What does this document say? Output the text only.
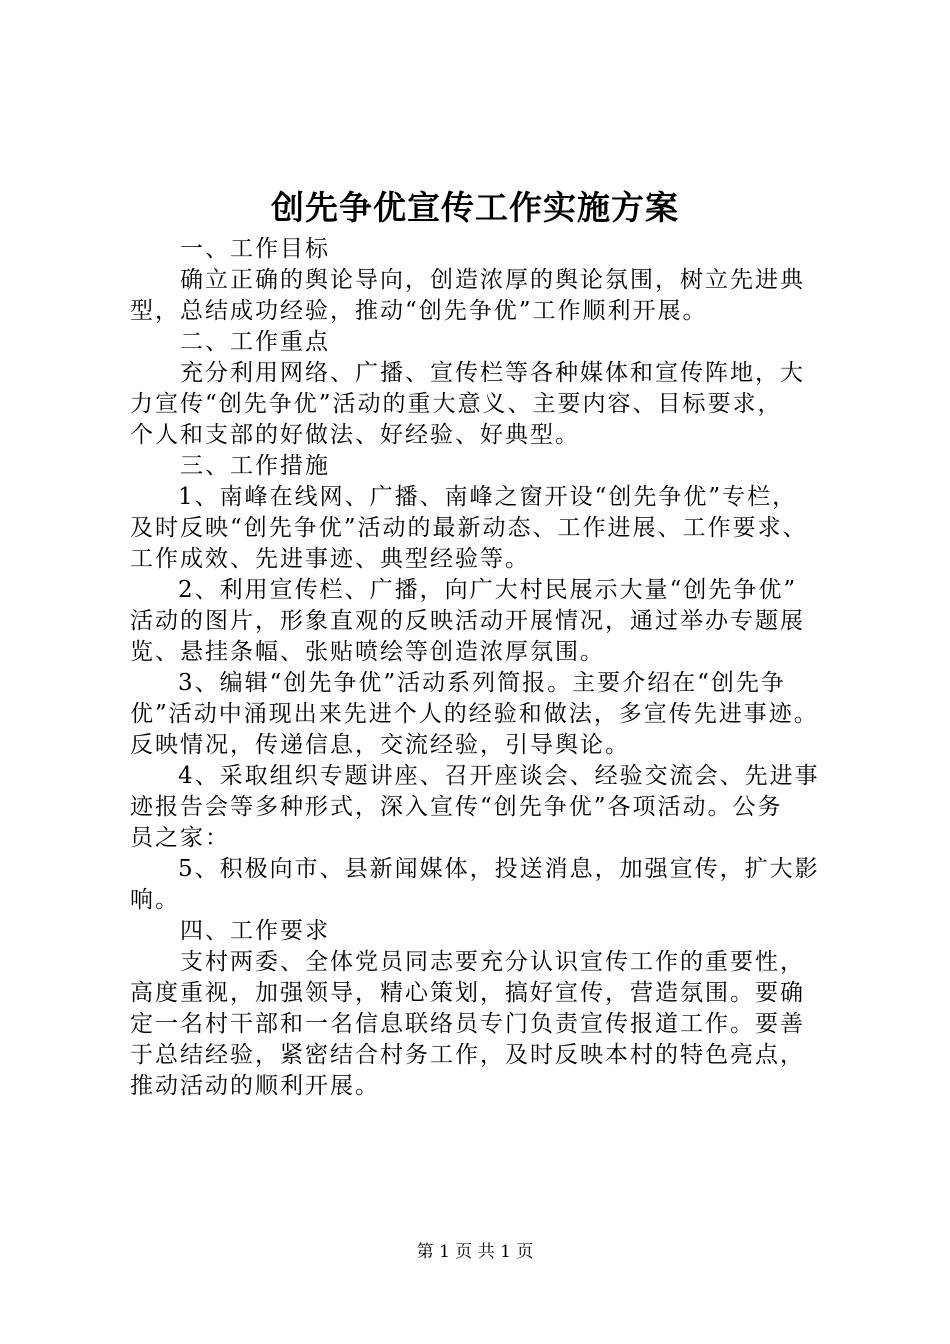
创先争优宣传工作实施方案
一、工作目标
确立正确的舆论导向，创造浓厚的舆论氛围，树立先进典
型，总结成功经验，推动“创先争优”工作顺利开展。
二、工作重点
充分利用网络、广播、宣传栏等各种媒体和宣传阵地，大
力宣传“创先争优”活动的重大意义、主要内容、目标要求，
个人和支部的好做法、好经验、好典型。
三、工作措施
1、南峰在线网、广播、南峰之窗开设“创先争优”专栏，
及时反映“创先争优”活动的最新动态、工作进展、工作要求、
工作成效、先进事迹、典型经验等。
2、利用宣传栏、广播，向广大村民展示大量“创先争优”
活动的图片，形象直观的反映活动开展情况，通过举办专题展
览、悬挂条幅、张贴喷绘等创造浓厚氛围。
3、编辑“创先争优”活动系列简报。主要介绍在“创先争
优”活动中涌现出来先进个人的经验和做法，多宣传先进事迹。
反映情况，传递信息，交流经验，引导舆论。
4、采取组织专题讲座、召开座谈会、经验交流会、先进事
迹报告会等多种形式，深入宣传“创先争优”各项活动。公务
员之家：
5、积极向市、县新闻媒体，投送消息，加强宣传，扩大影
响。
四、工作要求
支村两委、全体党员同志要充分认识宣传工作的重要性，
高度重视，加强领导，精心策划，搞好宣传，营造氛围。要确
定一名村干部和一名信息联络员专门负责宣传报道工作。要善
于总结经验，紧密结合村务工作，及时反映本村的特色亮点，
推动活动的顺利开展。
第 1 页 共 1 页
